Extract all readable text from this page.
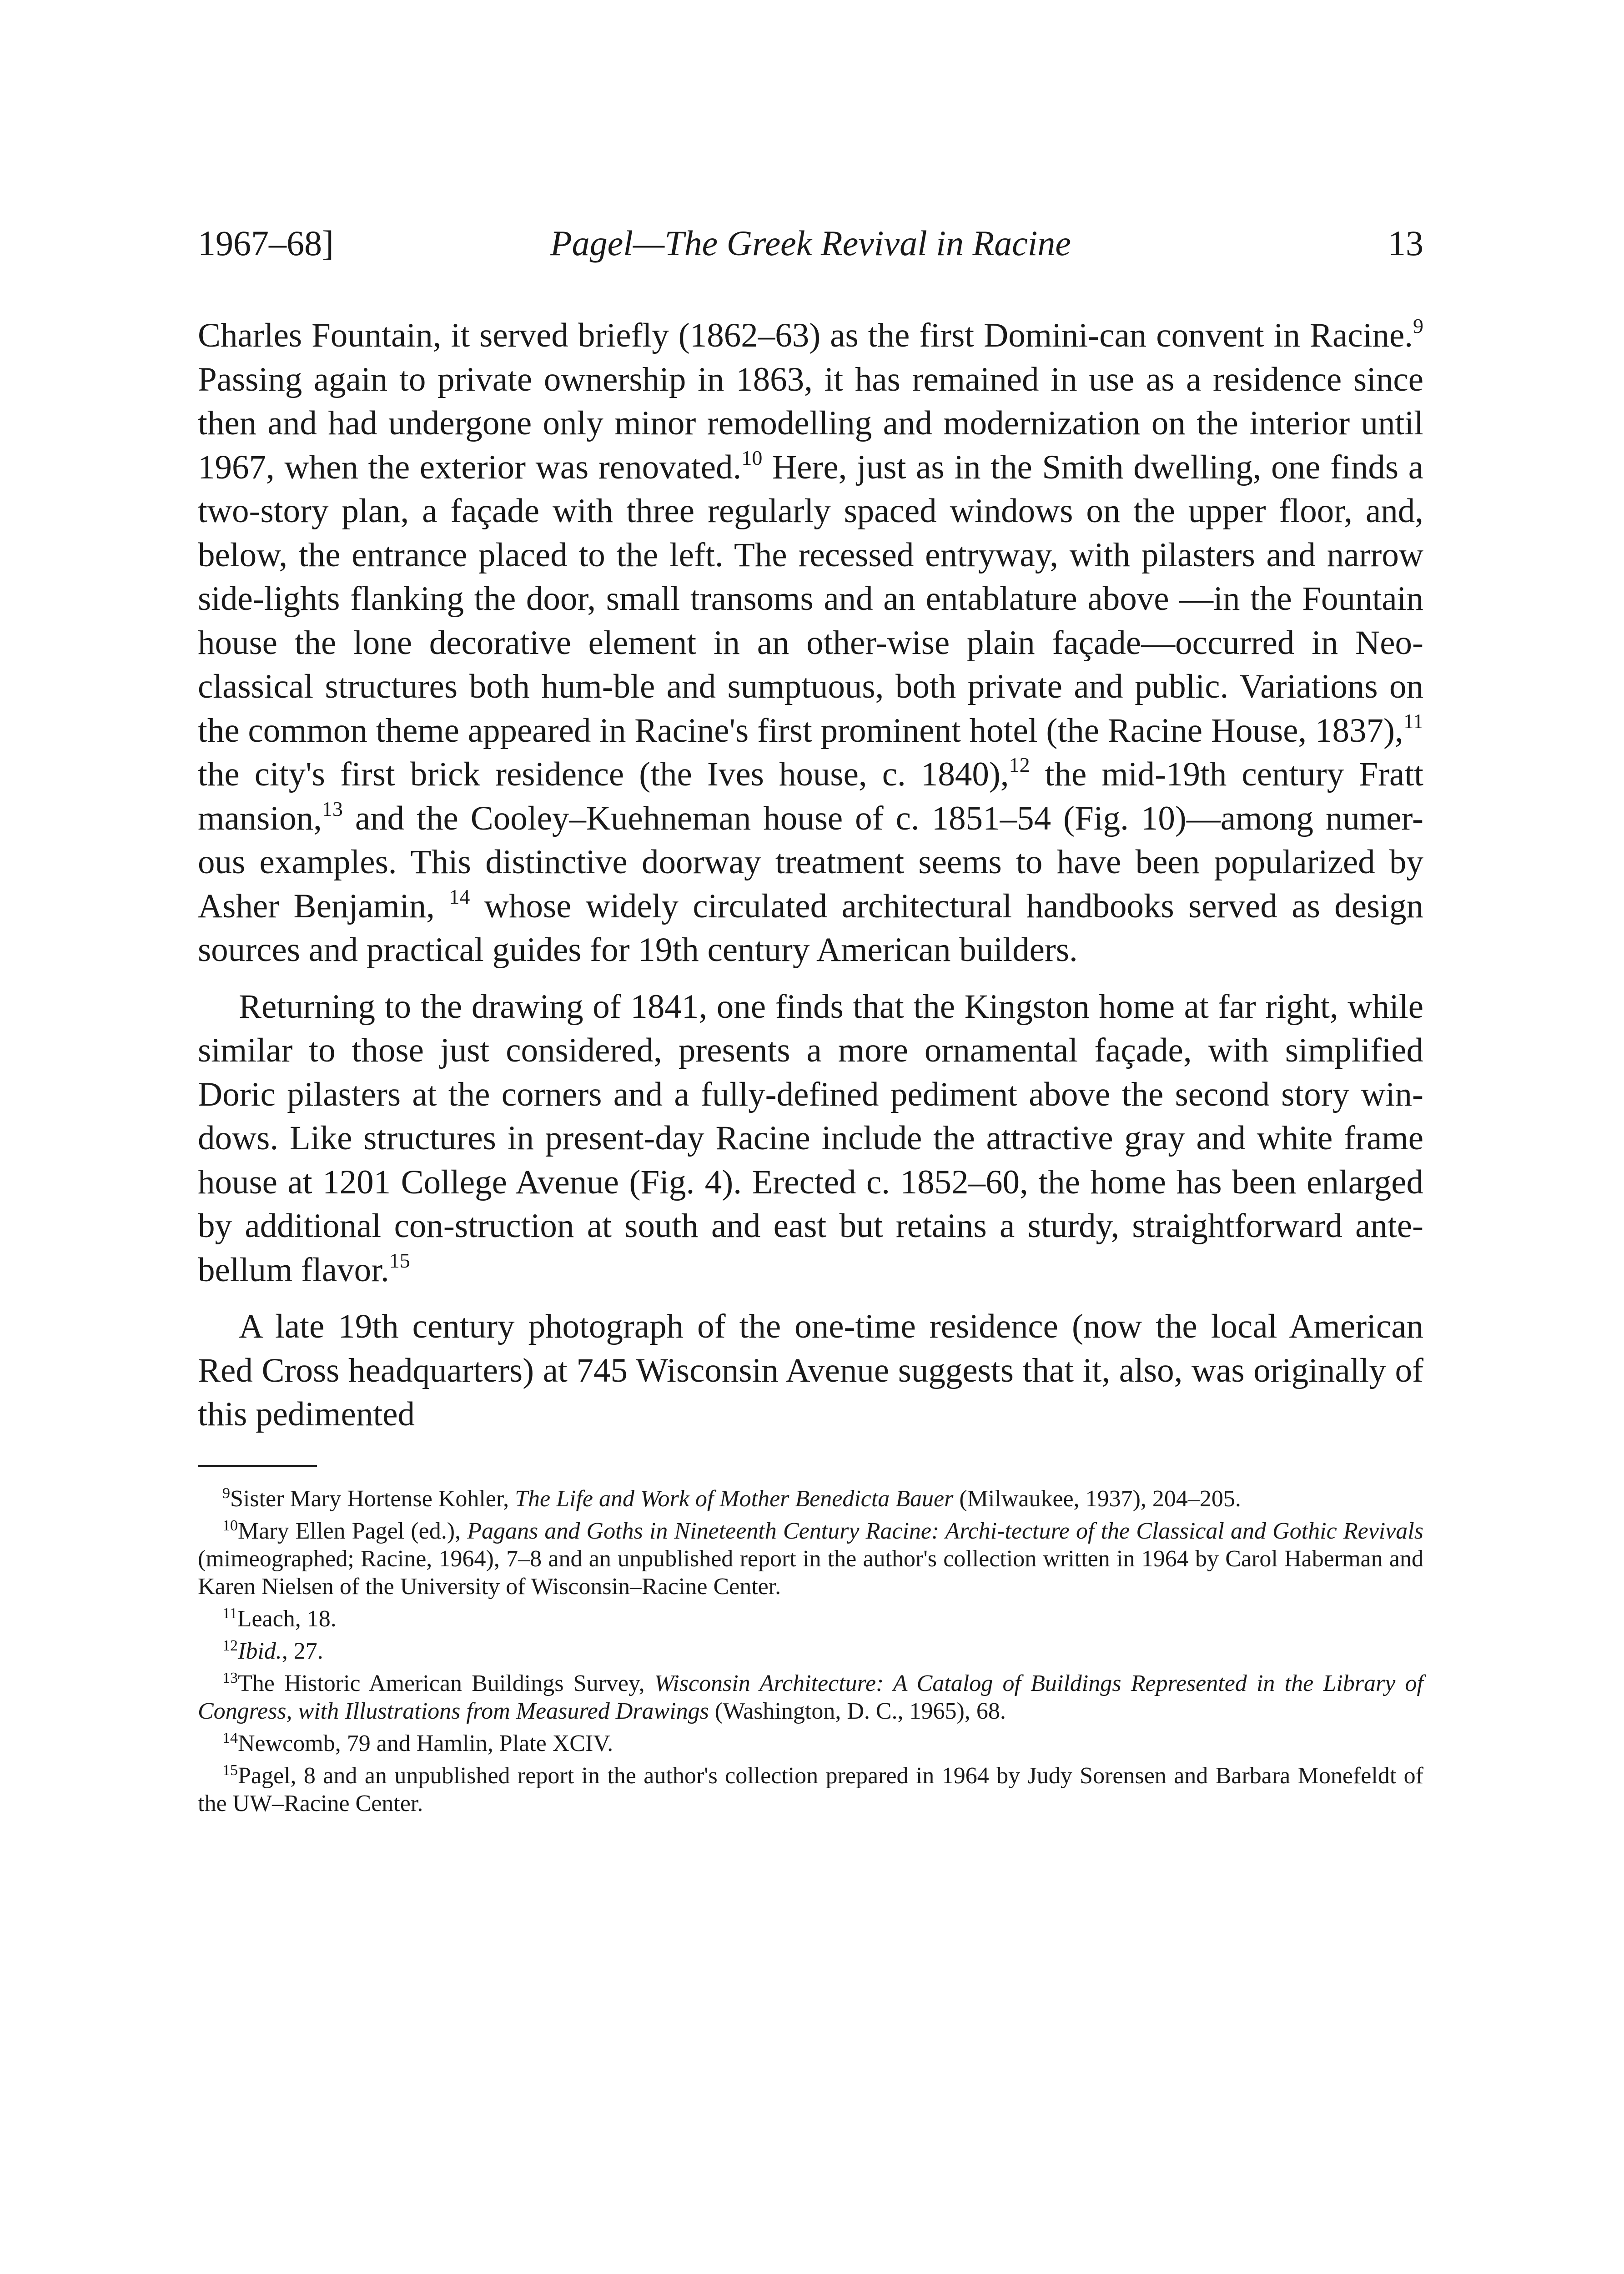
1967–68]	Pagel—The Greek Revival in Racine	13

Charles Fountain, it served briefly (1862–63) as the first Domini-can convent in Racine.$^9$ Passing again to private ownership in 1863, it has remained in use as a residence since then and had undergone only minor remodelling and modernization on the interior until 1967, when the exterior was renovated.$^{10}$ Here, just as in the Smith dwelling, one finds a two-story plan, a façade with three regularly spaced windows on the upper floor, and, below, the entrance placed to the left. The recessed entryway, with pilasters and narrow side-lights flanking the door, small transoms and an entablature above —in the Fountain house the lone decorative element in an other-wise plain façade—occurred in Neo-classical structures both hum-ble and sumptuous, both private and public. Variations on the common theme appeared in Racine's first prominent hotel (the Racine House, 1837),$^{11}$ the city's first brick residence (the Ives house, c. 1840),$^{12}$ the mid-19th century Fratt mansion,$^{13}$ and the Cooley–Kuehneman house of c. 1851–54 (Fig. 10)—among numer-ous examples. This distinctive doorway treatment seems to have been popularized by Asher Benjamin, $^{14}$ whose widely circulated architectural handbooks served as design sources and practical guides for 19th century American builders.

Returning to the drawing of 1841, one finds that the Kingston home at far right, while similar to those just considered, presents a more ornamental façade, with simplified Doric pilasters at the corners and a fully-defined pediment above the second story win-dows. Like structures in present-day Racine include the attractive gray and white frame house at 1201 College Avenue (Fig. 4). Erected c. 1852–60, the home has been enlarged by additional con-struction at south and east but retains a sturdy, straightforward ante-bellum flavor.$^{15}$

A late 19th century photograph of the one-time residence (now the local American Red Cross headquarters) at 745 Wisconsin Avenue suggests that it, also, was originally of this pedimented

$^9$Sister Mary Hortense Kohler, The Life and Work of Mother Benedicta Bauer (Milwaukee, 1937), 204–205.

$^{10}$Mary Ellen Pagel (ed.), Pagans and Goths in Nineteenth Century Racine: Archi-tecture of the Classical and Gothic Revivals (mimeographed; Racine, 1964), 7–8 and an unpublished report in the author's collection written in 1964 by Carol Haberman and Karen Nielsen of the University of Wisconsin–Racine Center.

$^{11}$Leach, 18.

$^{12}$Ibid., 27.

$^{13}$The Historic American Buildings Survey, Wisconsin Architecture: A Catalog of Buildings Represented in the Library of Congress, with Illustrations from Measured Drawings (Washington, D. C., 1965), 68.

$^{14}$Newcomb, 79 and Hamlin, Plate XCIV.

$^{15}$Pagel, 8 and an unpublished report in the author's collection prepared in 1964 by Judy Sorensen and Barbara Monefeldt of the UW–Racine Center.
